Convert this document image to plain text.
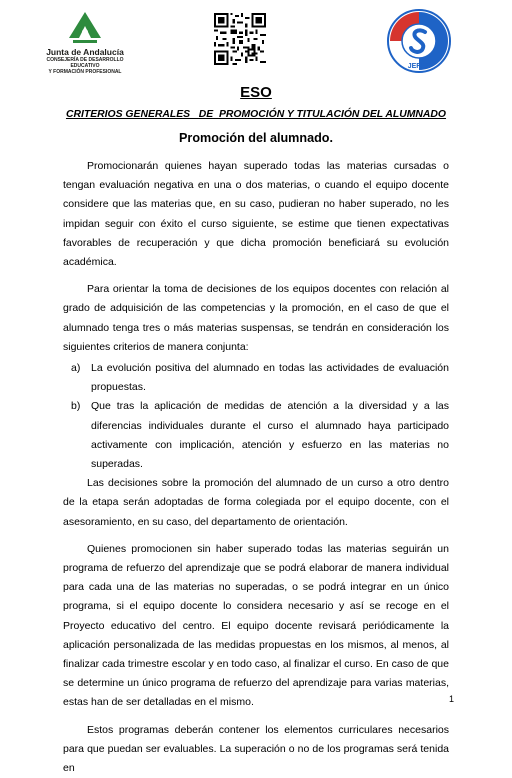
Junta de Andalucía
CONSEJERÍA DE DESARROLLO EDUCATIVO
Y FORMACIÓN PROFESIONAL
JEREZ
ESO
CRITERIOS GENERALES   DE  PROMOCIÓN Y TITULACIÓN DEL ALUMNADO
Promoción del alumnado.

Promocionarán quienes hayan superado todas las materias cursadas o tengan evaluación negativa en una o dos materias, o cuando el equipo docente considere que las materias que, en su caso, pudieran no haber superado, no les impidan seguir con éxito el curso siguiente, se estime que tienen expectativas favorables de recuperación y que dicha promoción beneficiará su evolución académica.

Para orientar la toma de decisiones de los equipos docentes con relación al grado de adquisición de las competencias y la promoción, en el caso de que el alumnado tenga tres o más materias suspensas, se tendrán en consideración los siguientes criterios de manera conjunta:

a) La evolución positiva del alumnado en todas las actividades de evaluación propuestas.
b) Que tras la aplicación de medidas de atención a la diversidad y a las diferencias individuales durante el curso el alumnado haya participado activamente con implicación, atención y esfuerzo en las materias no superadas.

Las decisiones sobre la promoción del alumnado de un curso a otro dentro de la etapa serán adoptadas de forma colegiada por el equipo docente, con el asesoramiento, en su caso, del departamento de orientación.

Quienes promocionen sin haber superado todas las materias seguirán un programa de refuerzo del aprendizaje que se podrá elaborar de manera individual para cada una de las materias no superadas, o se podrá integrar en un único programa, si el equipo docente lo considera necesario y así se recoge en el Proyecto educativo del centro. El equipo docente revisará periódicamente la aplicación personalizada de las medidas propuestas en los mismos, al menos, al finalizar cada trimestre escolar y en todo caso, al finalizar el curso. En caso de que se determine un único programa de refuerzo del aprendizaje para varias materias, estas han de ser detalladas en el mismo.

Estos programas deberán contener los elementos curriculares necesarios para que puedan ser evaluables. La superación o no de los programas será tenida en

1
